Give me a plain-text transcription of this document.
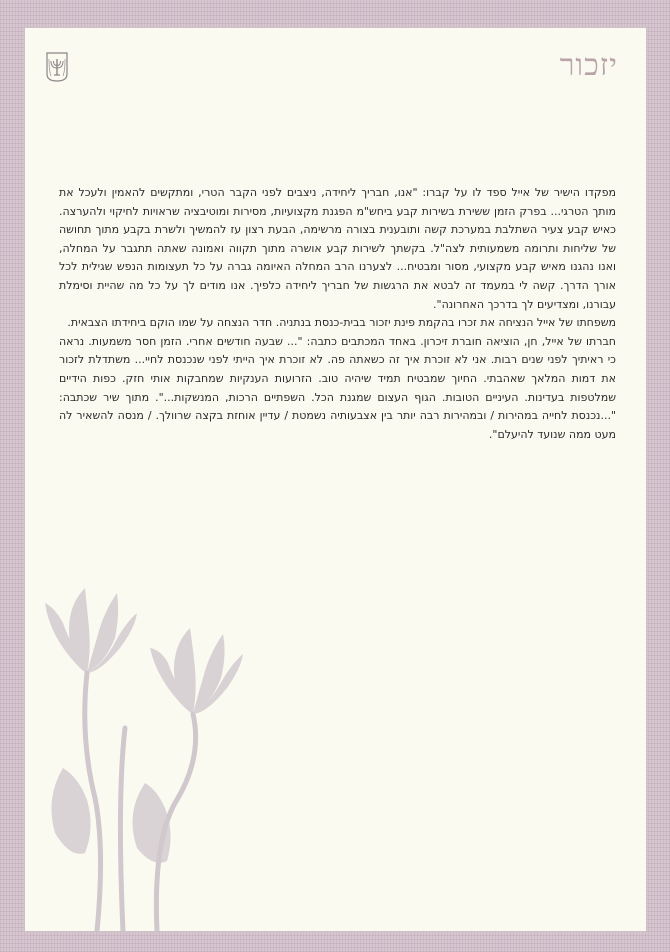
יזכור

מפקדו הישיר של אייל ספד לו על קברו: "אנו, חבריך ליחידה, ניצבים לפני הקבר הטרי, ומתקשים להאמין ולעכל את מותך הטרגי... בפרק הזמן ששירת בשירות קבע ביחש"מ הפגנת מקצועיות, מסירות ומוטיבציה שראויות לחיקוי ולהערצה. כאיש קבע צעיר השתלבת במערכת קשה ותובענית בצורה מרשימה, הבעת רצון עז להמשיך ולשרת בקבע מתוך תחושה של שליחות ותרומה משמעותית לצה"ל. בקשתך לשירות קבע אושרה מתוך תקווה ואמונה שאתה תתגבר על המחלה, ואנו נהגנו מאיש קבע מקצועי, מסור ומבטיח... לצערנו הרב המחלה האיומה גברה על כל תעצומות הנפש שגילית לכל אורך הדרך. קשה לי במעמד זה לבטא את הרגשות של חבריך ליחידה כלפיך. אנו מודים לך על כל מה שהיית וסימלת עבורנו, ומצדיעים לך בדרכך האחרונה".

משפחתו של אייל הנציחה את זכרו בהקמת פינת יזכור בבית-כנסת בנתניה. חדר הנצחה על שמו הוקם ביחידתו הצבאית.

חברתו של אייל, חן, הוציאה חוברת זיכרון. באחד המכתבים כתבה: "... שבעה חודשים אחרי. הזמן חסר משמעות. נראה כי ראיתיך לפני שנים רבות. אני לא זוכרת איך זה כשאתה פה. לא זוכרת איך הייתי לפני שנכנסת לחיי... משתדלת לזכור את דמות המלאך שאהבתי. החיוך שמבטיח תמיד שיהיה טוב. הזרועות הענקיות שמחבקות אותי חזק. כפות הידיים שמלטפות בעדינות. העיניים הטובות. הגוף העצום שמגנת הכל. השפתיים הרכות, המנשקות...". מתוך שיר שכתבה: "...נכנסת לחייה במהירות / ובמהירות רבה יותר בין אצבעותיה נשמטת / עדיין אוחזת בקצה שרוולך. / מנסה להשאיר לה מעט ממה שנועד להיעלם".
